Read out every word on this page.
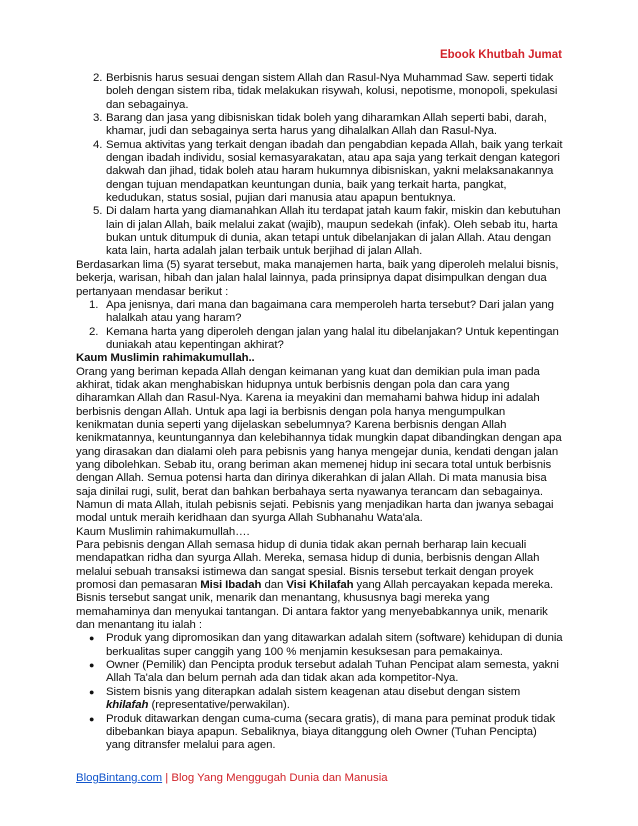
Ebook Khutbah Jumat
2. Berbisnis harus sesuai dengan sistem Allah dan Rasul-Nya Muhammad Saw. seperti tidak boleh dengan sistem riba, tidak melakukan risywah, kolusi, nepotisme, monopoli, spekulasi dan sebagainya.
3. Barang dan jasa yang dibisniskan tidak boleh yang diharamkan Allah seperti babi, darah, khamar, judi dan sebagainya serta harus yang dihalalkan Allah dan Rasul-Nya.
4. Semua aktivitas yang terkait dengan ibadah dan pengabdian kepada Allah, baik yang terkait dengan ibadah individu, sosial kemasyarakatan, atau apa saja yang terkait dengan kategori dakwah dan jihad, tidak boleh atau haram hukumnya dibisniskan, yakni melaksanakannya dengan tujuan mendapatkan keuntungan dunia, baik yang terkait harta, pangkat, kedudukan, status sosial, pujian dari manusia atau apapun bentuknya.
5. Di dalam harta yang diamanahkan Allah itu terdapat jatah kaum fakir, miskin dan kebutuhan lain di jalan Allah, baik melalui zakat (wajib), maupun sedekah (infak). Oleh sebab itu, harta bukan untuk ditumpuk di dunia, akan tetapi untuk dibelanjakan di jalan Allah. Atau dengan kata lain, harta adalah jalan terbaik untuk berjihad di jalan Allah.

Berdasarkan lima (5) syarat tersebut, maka manajemen harta, baik yang diperoleh melalui bisnis, bekerja, warisan, hibah dan jalan halal lainnya, pada prinsipnya dapat disimpulkan dengan dua pertanyaan mendasar berikut :

1. Apa jenisnya, dari mana dan bagaimana cara memperoleh harta tersebut? Dari jalan yang halalkah atau yang haram?
2. Kemana harta yang diperoleh dengan jalan yang halal itu dibelanjakan? Untuk kepentingan duniakah atau kepentingan akhirat?

Kaum Muslimin rahimakumullah..

Orang yang beriman kepada Allah dengan keimanan yang kuat dan demikian pula iman pada akhirat, tidak akan menghabiskan hidupnya untuk berbisnis dengan pola dan cara yang diharamkan Allah dan Rasul-Nya. Karena ia meyakini dan memahami bahwa hidup ini adalah berbisnis dengan Allah. Untuk apa lagi ia berbisnis dengan pola hanya mengumpulkan kenikmatan dunia seperti yang dijelaskan sebelumnya? Karena berbisnis dengan Allah kenikmatannya, keuntungannya dan kelebihannya tidak mungkin dapat dibandingkan dengan apa yang dirasakan dan dialami oleh para pebisnis yang hanya mengejar dunia, kendati dengan jalan yang dibolehkan. Sebab itu, orang beriman akan memenej hidup ini secara total untuk berbisnis dengan Allah. Semua potensi harta dan dirinya dikerahkan di jalan Allah. Di mata manusia bisa saja dinilai rugi, sulit, berat dan bahkan berbahaya serta nyawanya terancam dan sebagainya. Namun di mata Allah, itulah pebisnis sejati. Pebisnis yang menjadikan harta dan jwanya sebagai modal untuk meraih keridhaan dan syurga Allah Subhanahu Wata'ala.

Kaum Muslimin rahimakumullah….

Para pebisnis dengan Allah semasa hidup di dunia tidak akan pernah berharap lain kecuali mendapatkan ridha dan syurga Allah. Mereka, semasa hidup di dunia, berbisnis dengan Allah melalui sebuah transaksi istimewa dan sangat spesial. Bisnis tersebut terkait dengan proyek promosi dan pemasaran Misi Ibadah dan Visi Khilafah yang Allah percayakan kepada mereka. Bisnis tersebut sangat unik, menarik dan menantang, khususnya bagi mereka yang memahaminya dan menyukai tantangan. Di antara faktor yang menyebabkannya unik, menarik dan menantang itu ialah :

● Produk yang dipromosikan dan yang ditawarkan adalah sitem (software) kehidupan di dunia berkualitas super canggih yang 100 % menjamin kesuksesan para pemakainya.
● Owner (Pemilik) dan Pencipta produk tersebut adalah Tuhan Pencipat alam semesta, yakni Allah Ta'ala dan belum pernah ada dan tidak akan ada kompetitor-Nya.
● Sistem bisnis yang diterapkan adalah sistem keagenan atau disebut dengan sistem khilafah (representative/perwakilan).
● Produk ditawarkan dengan cuma-cuma (secara gratis), di mana para peminat produk tidak dibebankan biaya apapun. Sebaliknya, biaya ditanggung oleh Owner (Tuhan Pencipta) yang ditransfer melalui para agen.
BlogBintang.com | Blog Yang Menggugah Dunia dan Manusia
